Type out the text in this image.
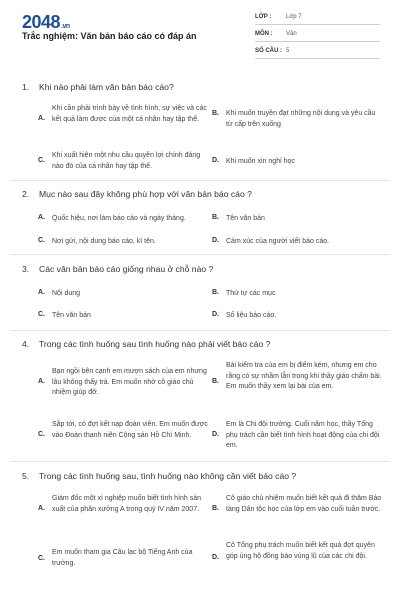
2048.vn
Trắc nghiệm: Văn bản báo cáo có đáp án
LỚP : Lớp 7
MÔN : Văn
SỐ CÂU : 5
1. Khi nào phải làm văn bản báo cáo?
A.
Khi cần phải trình bày về tình hình, sự việc và các kết quả làm được của một cá nhân hay tập thể.
B. Khi muốn truyền đạt những nội dung và yêu cầu từ cấp trên xuống
C.
Khi xuất hiện một nhu cầu quyền lợi chính đáng nào đó của cá nhân hay tập thể.
D. Khi muốn xin nghỉ học
2. Mục nào sau đây không phù hợp với văn bản báo cáo ?
A. Quốc hiệu, nơi làm báo cáo và ngày tháng.	B. Tên văn bản
C. Nơi gửi, nội dung báo cáo, kí tên.	D. Cảm xúc của người viết báo cáo.
3. Các văn bản báo cáo giống nhau ở chỗ nào ?
A. Nội dung	B. Thứ tự các mục
C. Tên văn bản	D. Số liệu báo cáo.
4. Trong các tình huống sau tình huống nào phải viết báo cáo ?
A.
Bạn ngồi bên cạnh em mượn sách của em nhưng lâu không thấy trả. Em muốn nhờ cô giáo chủ nhiệm giúp đỡ.
B.
Bài kiểm tra của em bị điểm kém, nhưng em cho rằng có sự nhầm lẫn trong khi thầy giáo chấm bài. Em muốn thầy xem lại bài của em.
C.
Sắp tới, có đợt kết nạp đoàn viên. Em muốn được vào Đoàn thanh niên Cộng sản Hồ Chí Minh.	D.
Em là Chi đội trưởng. Cuối năm học, thầy Tổng phụ trách cần biết tình hình hoạt động của chi đội em.
5. Trong các tình huống sau, tình huống nào không cần viết báo cáo ?
A.
Giám đốc một xí nghiệp muốn biết tình hình sản xuất của phân xưởng A trong quý IV năm 2007.	B.
Cô giáo chủ nhiệm muốn biết kết quả đi thăm Bảo tàng Dân tộc học của lớp em vào cuối tuần trước.
C.
Em muốn tham gia Câu lạc bộ Tiếng Anh của trường.
D.
Cô Tổng phụ trách muốn biết kết quả đợt quyên góp ủng hộ đồng bào vùng lũ của các chi đội.
